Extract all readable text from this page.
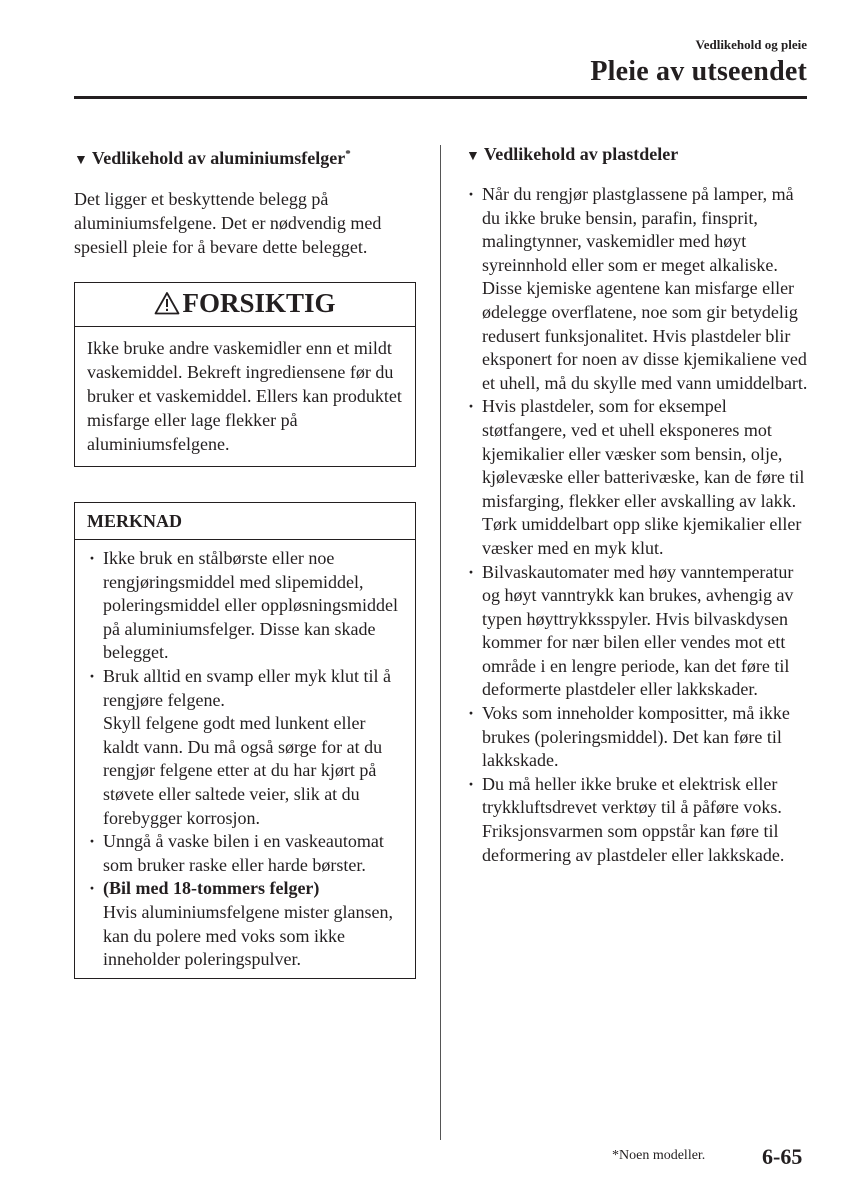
Vedlikehold og pleie
Pleie av utseendet

▼ Vedlikehold av aluminiumsfelger*

Det ligger et beskyttende belegg på aluminiumsfelgene. Det er nødvendig med spesiell pleie for å bevare dette belegget.

FORSIKTIG
Ikke bruke andre vaskemidler enn et mildt vaskemiddel. Bekreft ingrediensene før du bruker et vaskemiddel. Ellers kan produktet misfarge eller lage flekker på aluminiumsfelgene.
MERKNAD
· Ikke bruk en stålbørste eller noe rengjøringsmiddel med slipemiddel, poleringsmiddel eller oppløsningsmiddel på aluminiumsfelger. Disse kan skade belegget.
· Bruk alltid en svamp eller myk klut til å rengjøre felgene.
Skyll felgene godt med lunkent eller kaldt vann. Du må også sørge for at du rengjør felgene etter at du har kjørt på støvete eller saltede veier, slik at du forebygger korrosjon.
· Unngå å vaske bilen i en vaskeautomat som bruker raske eller harde børster.
· (Bil med 18-tommers felger)
Hvis aluminiumsfelgene mister glansen, kan du polere med voks som ikke inneholder poleringspulver.

▼ Vedlikehold av plastdeler

· Når du rengjør plastglassene på lamper, må du ikke bruke bensin, parafin, finsprit, malingtynner, vaskemidler med høyt syreinnhold eller som er meget alkaliske. Disse kjemiske agentene kan misfarge eller ødelegge overflatene, noe som gir betydelig redusert funksjonalitet. Hvis plastdeler blir eksponert for noen av disse kjemikaliene ved et uhell, må du skylle med vann umiddelbart.
· Hvis plastdeler, som for eksempel støtfangere, ved et uhell eksponeres mot kjemikalier eller væsker som bensin, olje, kjølevæske eller batterivæske, kan de føre til misfarging, flekker eller avskalling av lakk. Tørk umiddelbart opp slike kjemikalier eller væsker med en myk klut.
· Bilvaskautomater med høy vanntemperatur og høyt vanntrykk kan brukes, avhengig av typen høyttrykksspyler. Hvis bilvaskdysen kommer for nær bilen eller vendes mot ett område i en lengre periode, kan det føre til deformerte plastdeler eller lakkskader.
· Voks som inneholder kompositter, må ikke brukes (poleringsmiddel). Det kan føre til lakkskade.
· Du må heller ikke bruke et elektrisk eller trykkluftsdrevet verktøy til å påføre voks. Friksjonsvarmen som oppstår kan føre til deformering av plastdeler eller lakkskade.
*Noen modeller.	6-65
